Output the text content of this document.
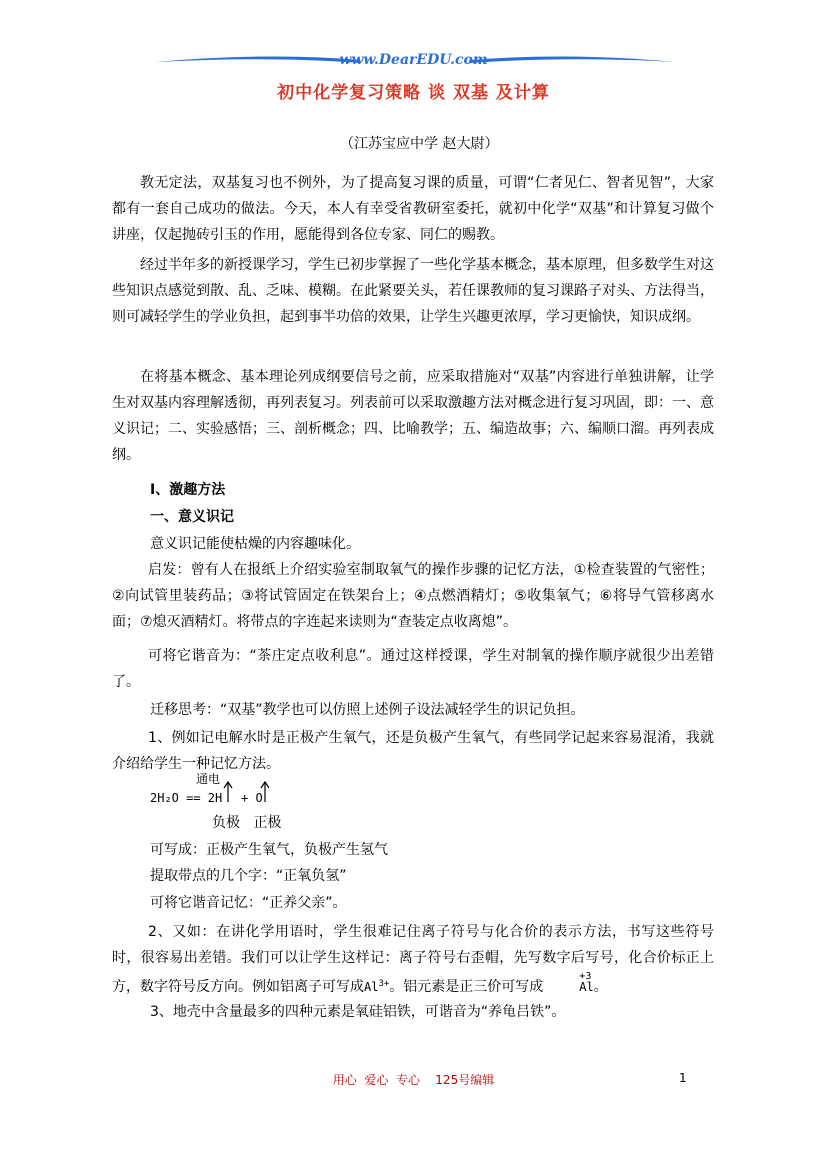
www.DearEDU.com
初中化学复习策略 谈 双基 及计算
（江苏宝应中学 赵大尉）
教无定法，双基复习也不例外，为了提高复习课的质量，可谓“仁者见仁、智者见智”，大家都有一套自己成功的做法。今天，本人有幸受省教研室委托，就初中化学“双基”和计算复习做个讲座，仅起抛砖引玉的作用，愿能得到各位专家、同仁的赐教。
经过半年多的新授课学习，学生已初步掌握了一些化学基本概念，基本原理，但多数学生对这些知识点感觉到散、乱、乏味、模糊。在此紧要关头，若任课教师的复习课路子对头、方法得当，则可减轻学生的学业负担，起到事半功倍的效果，让学生兴趣更浓厚，学习更愉快，知识成纲。
在将基本概念、基本理论列成纲要信号之前，应采取措施对“双基”内容进行单独讲解，让学生对双基内容理解透彻，再列表复习。列表前可以采取激趣方法对概念进行复习巩固，即：一、意义识记；二、实验感悟；三、剖析概念；四、比喻教学；五、编造故事；六、编顺口溜。再列表成纲。
Ⅰ、激趣方法
一、意义识记
意义识记能使枯燥的内容趣味化。
启发：曾有人在报纸上介绍实验室制取氧气的操作步骤的记忆方法，①检查装置的气密性；②向试管里装药品；③将试管固定在铁架台上；④点燃酒精灯；⑤收集氧气；⑥将导气管移离水面；⑦熄灭酒精灯。将带点的字连起来读则为“查装定点收离熄”。
可将它谐音为：“茶庄定点收利息”。通过这样授课，学生对制氧的操作顺序就很少出差错了。
迁移思考：“双基”教学也可以仿照上述例子设法减轻学生的识记负担。
1、例如记电解水时是正极产生氧气，还是负极产生氧气，有些同学记起来容易混淆，我就介绍给学生一种记忆方法。
通电
2H₂O == 2H + O
负极   正极
可写成：正极产生氧气，负极产生氢气
提取带点的几个字：“正氧负氢”
可将它谐音记忆：“正养父亲”。
2、又如：在讲化学用语时，学生很难记住离子符号与化合价的表示方法，书写这些符号时，很容易出差错。我们可以让学生这样记：离子符号右歪帽，先写数字后写号，化合价标正上方，数字符号反方向。例如铝离子可写成$Al^{3+}$。铝元素是正三价可写成
+3
Al。
3、地壳中含量最多的四种元素是氧硅铝铁，可谐音为“养龟吕铁”。
用心  爱心  专心    125号编辑	1
